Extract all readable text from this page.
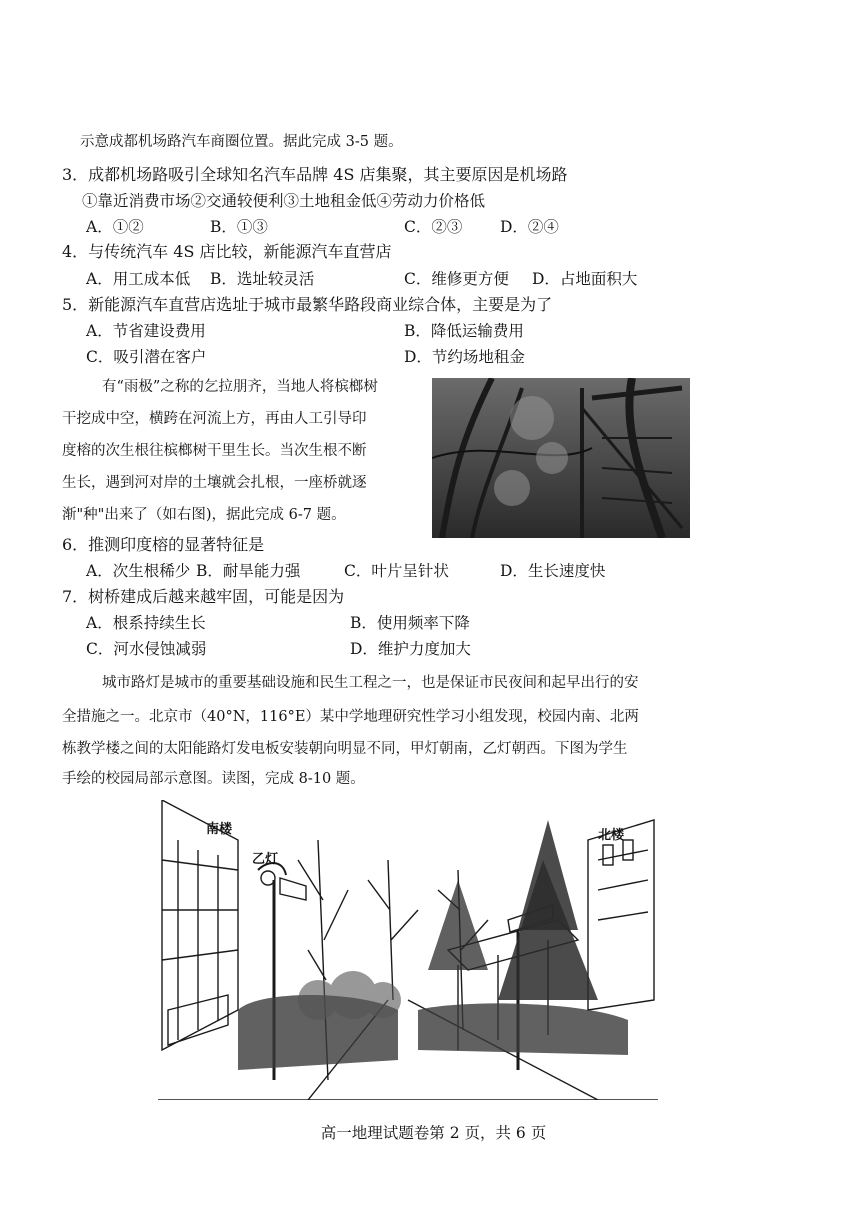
示意成都机场路汽车商圈位置。据此完成 3-5 题。
3．成都机场路吸引全球知名汽车品牌 4S 店集聚，其主要原因是机场路
①靠近消费市场②交通较便利③土地租金低④劳动力价格低
A．①②	B．①③	C．②③ D．②④
4．与传统汽车 4S 店比较，新能源汽车直营店
A．用工成本低 B．选址较灵活	C．维修更方便 D．占地面积大
5．新能源汽车直营店选址于城市最繁华路段商业综合体，主要是为了
A．节省建设费用	B．降低运输费用
C．吸引潜在客户	D．节约场地租金
有“雨极”之称的乞拉朋齐，当地人将槟榔树
干挖成中空，横跨在河流上方，再由人工引导印
度榕的次生根往槟榔树干里生长。当次生根不断
生长，遇到河对岸的土壤就会扎根，一座桥就逐
渐"种"出来了（如右图)，据此完成 6-7 题。
6．推测印度榕的显著特征是
A．次生根稀少 B．耐旱能力强	C．叶片呈针状	D．生长速度快
7．树桥建成后越来越牢固，可能是因为
A．根系持续生长	B．使用频率下降
C．河水侵蚀减弱	D．维护力度加大
城市路灯是城市的重要基础设施和民生工程之一，也是保证市民夜间和起早出行的安
全措施之一。北京市（40°N，116°E）某中学地理研究性学习小组发现，校园内南、北两
栋教学楼之间的太阳能路灯发电板安装朝向明显不同，甲灯朝南，乙灯朝西。下图为学生
手绘的校园局部示意图。读图，完成 8-10 题。
南楼	北楼
乙灯
高一地理试题卷第 2 页，共 6 页
